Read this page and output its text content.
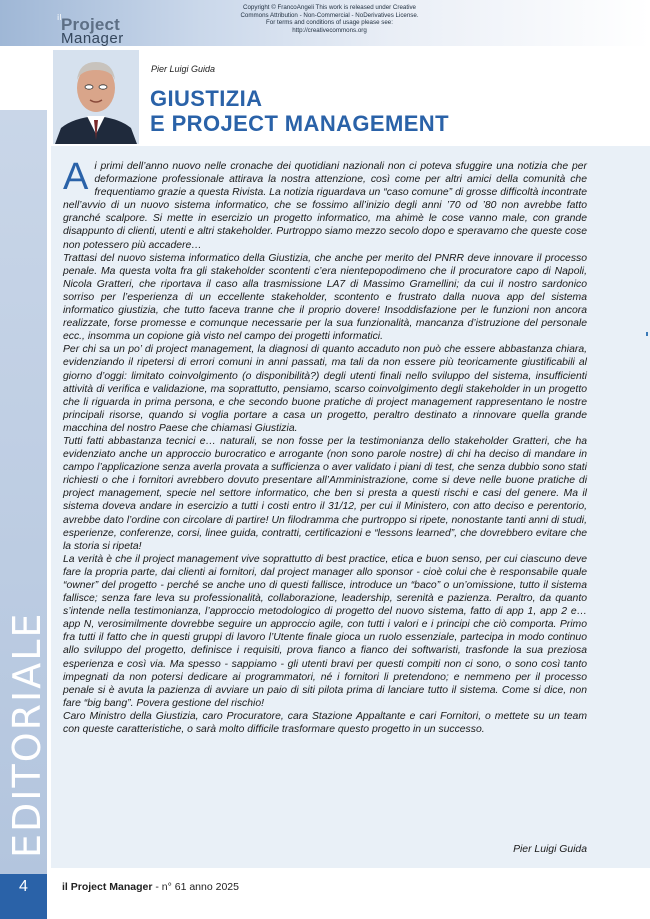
Copyright © FrancoAngeli This work is released under Creative
Commons Attribution - Non-Commercial - NoDerivatives License.
For terms and conditions of usage please see:
http://creativecommons.org
il Project
Manager
EDITORIALE
Pier Luigi Guida
GIUSTIZIA
E PROJECT MANAGEMENT

Ai primi dell’anno nuovo nelle cronache dei quotidiani nazionali non ci poteva sfuggire una notizia che per deformazione professionale attirava la nostra attenzione, così come per altri amici della comunità che frequentiamo grazie a questa Rivista. La notizia riguardava un “caso comune” di grosse difficoltà incontrate nell’avvio di un nuovo sistema informatico, che se fossimo all’inizio degli anni ’70 od ’80 non avrebbe fatto granché scalpore. Si mette in esercizio un progetto informatico, ma ahimè le cose vanno male, con grande disappunto di clienti, utenti e altri stakeholder. Purtroppo siamo mezzo secolo dopo e speravamo che queste cose non potessero più accadere…

Trattasi del nuovo sistema informatico della Giustizia, che anche per merito del PNRR deve innovare il processo penale. Ma questa volta fra gli stakeholder scontenti c’era nientepopodimeno che il procuratore capo di Napoli, Nicola Gratteri, che riportava il caso alla trasmissione LA7 di Massimo Gramellini; da cui il nostro sardonico sorriso per l’esperienza di un eccellente stakeholder, scontento e frustrato dalla nuova app del sistema informatico giustizia, che tutto faceva tranne che il proprio dovere! Insoddisfazione per le funzioni non ancora realizzate, forse promesse e comunque necessarie per la sua funzionalità, mancanza d’istruzione del personale ecc., insomma un copione già visto nel campo dei progetti informatici.

Per chi sa un po’ di project management, la diagnosi di quanto accaduto non può che essere abbastanza chiara, evidenziando il ripetersi di errori comuni in anni passati, ma tali da non essere più teoricamente giustificabili al giorno d’oggi: limitato coinvolgimento (o disponibilità?) degli utenti finali nello sviluppo del sistema, insufficienti attività di verifica e validazione, ma soprattutto, pensiamo, scarso coinvolgimento degli stakeholder in un progetto che li riguarda in prima persona, e che secondo buone pratiche di project management rappresentano le nostre principali risorse, quando si voglia portare a casa un progetto, peraltro destinato a rinnovare quella grande macchina del nostro Paese che chiamasi Giustizia.

Tutti fatti abbastanza tecnici e… naturali, se non fosse per la testimonianza dello stakeholder Gratteri, che ha evidenziato anche un approccio burocratico e arrogante (non sono parole nostre) di chi ha deciso di mandare in campo l’applicazione senza averla provata a sufficienza o aver validato i piani di test, che senza dubbio sono stati richiesti o che i fornitori avrebbero dovuto presentare all’Amministrazione, come si deve nelle buone pratiche di project management, specie nel settore informatico, che ben si presta a questi rischi e casi del genere. Ma il sistema doveva andare in esercizio a tutti i costi entro il 31/12, per cui il Ministero, con atto deciso e perentorio, avrebbe dato l’ordine con circolare di partire! Un filodramma che purtroppo si ripete, nonostante tanti anni di studi, esperienze, conferenze, corsi, linee guida, contratti, certificazioni e “lessons learned”, che dovrebbero evitare che la storia si ripeta!

La verità è che il project management vive soprattutto di best practice, etica e buon senso, per cui ciascuno deve fare la propria parte, dai clienti ai fornitori, dal project manager allo sponsor - cioè colui che è responsabile quale “owner” del progetto - perché se anche uno di questi fallisce, introduce un “baco” o un’omissione, tutto il sistema fallisce; senza fare leva su professionalità, collaborazione, leadership, serenità e pazienza. Peraltro, da quanto s’intende nella testimonianza, l’approccio metodologico di progetto del nuovo sistema, fatto di app 1, app 2 e… app N, verosimilmente dovrebbe seguire un approccio agile, con tutti i valori e i principi che ciò comporta. Primo fra tutti il fatto che in questi gruppi di lavoro l’Utente finale gioca un ruolo essenziale, partecipa in modo continuo allo sviluppo del progetto, definisce i requisiti, prova fianco a fianco dei softwaristi, trasfonde la sua preziosa esperienza e così via. Ma spesso - sappiamo - gli utenti bravi per questi compiti non ci sono, o sono così tanto impegnati da non potersi dedicare ai programmatori, né i fornitori li pretendono; e nemmeno per il processo penale si è avuta la pazienza di avviare un paio di siti pilota prima di lanciare tutto il sistema. Come si dice, non fare “big bang”. Povera gestione del rischio!

Caro Ministro della Giustizia, caro Procuratore, cara Stazione Appaltante e cari Fornitori, o mettete su un team con queste caratteristiche, o sarà molto difficile trasformare questo progetto in un successo.

Pier Luigi Guida
4	il Project Manager - n° 61 anno 2025
